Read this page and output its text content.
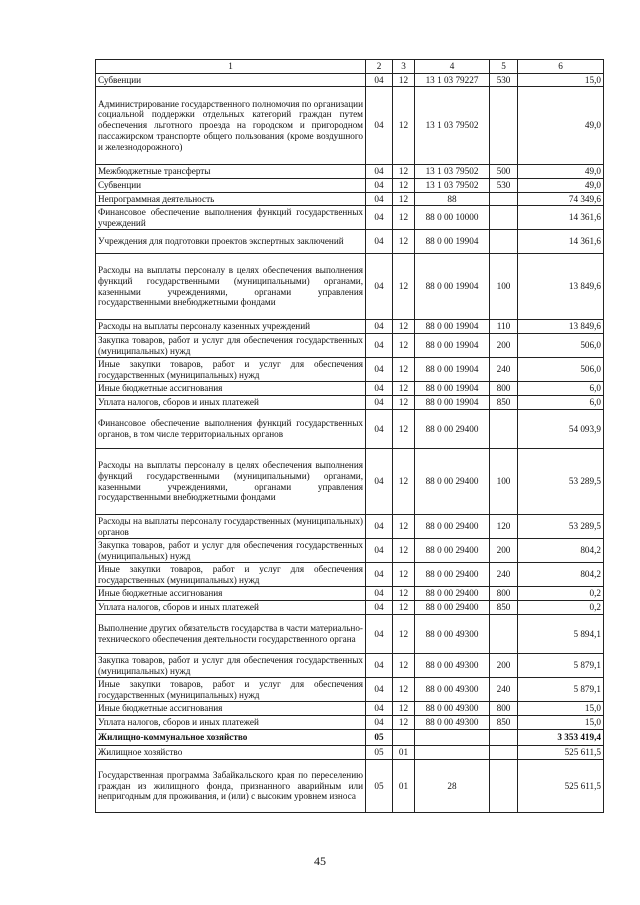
1	2	3	4	5	6
Субвенции	04	12	13 1 03 79227	530	15,0
Администрирование государственного полномочия по организации социальной поддержки отдельных категорий граждан путем обеспечения льготного проезда на городском и пригородном пассажирском транспорте общего пользования (кроме воздушного и железнодорожного)	04	12	13 1 03 79502		49,0
Межбюджетные трансферты	04	12	13 1 03 79502	500	49,0
Субвенции	04	12	13 1 03 79502	530	49,0
Непрограммная деятельность	04	12	88		74 349,6
Финансовое обеспечение выполнения функций государственных учреждений	04	12	88 0 00 10000		14 361,6
Учреждения для подготовки проектов экспертных заключений	04	12	88 0 00 19904		14 361,6
Расходы на выплаты персоналу в целях обеспечения выполнения функций государственными (муниципальными) органами, казенными учреждениями, органами управления государственными внебюджетными фондами	04	12	88 0 00 19904	100	13 849,6
Расходы на выплаты персоналу казенных учреждений	04	12	88 0 00 19904	110	13 849,6
Закупка товаров, работ и услуг для обеспечения государственных (муниципальных) нужд	04	12	88 0 00 19904	200	506,0
Иные закупки товаров, работ и услуг для обеспечения государственных (муниципальных) нужд	04	12	88 0 00 19904	240	506,0
Иные бюджетные ассигнования	04	12	88 0 00 19904	800	6,0
Уплата налогов, сборов и иных платежей	04	12	88 0 00 19904	850	6,0
Финансовое обеспечение выполнения функций государственных органов, в том числе территориальных органов	04	12	88 0 00 29400		54 093,9
Расходы на выплаты персоналу в целях обеспечения выполнения функций государственными (муниципальными) органами, казенными учреждениями, органами управления государственными внебюджетными фондами	04	12	88 0 00 29400	100	53 289,5
Расходы на выплаты персоналу государственных (муниципальных) органов	04	12	88 0 00 29400	120	53 289,5
Закупка товаров, работ и услуг для обеспечения государственных (муниципальных) нужд	04	12	88 0 00 29400	200	804,2
Иные закупки товаров, работ и услуг для обеспечения государственных (муниципальных) нужд	04	12	88 0 00 29400	240	804,2
Иные бюджетные ассигнования	04	12	88 0 00 29400	800	0,2
Уплата налогов, сборов и иных платежей	04	12	88 0 00 29400	850	0,2
Выполнение других обязательств государства в части материально-технического обеспечения деятельности государственного органа	04	12	88 0 00 49300		5 894,1
Закупка товаров, работ и услуг для обеспечения государственных (муниципальных) нужд	04	12	88 0 00 49300	200	5 879,1
Иные закупки товаров, работ и услуг для обеспечения государственных (муниципальных) нужд	04	12	88 0 00 49300	240	5 879,1
Иные бюджетные ассигнования	04	12	88 0 00 49300	800	15,0
Уплата налогов, сборов и иных платежей	04	12	88 0 00 49300	850	15,0
Жилищно-коммунальное хозяйство	05				3 353 419,4
Жилищное хозяйство	05	01			525 611,5
Государственная программа Забайкальского края по переселению граждан из жилищного фонда, признанного аварийным или непригодным для проживания, и (или) с высоким уровнем износа	05	01	28		525 611,5
45
